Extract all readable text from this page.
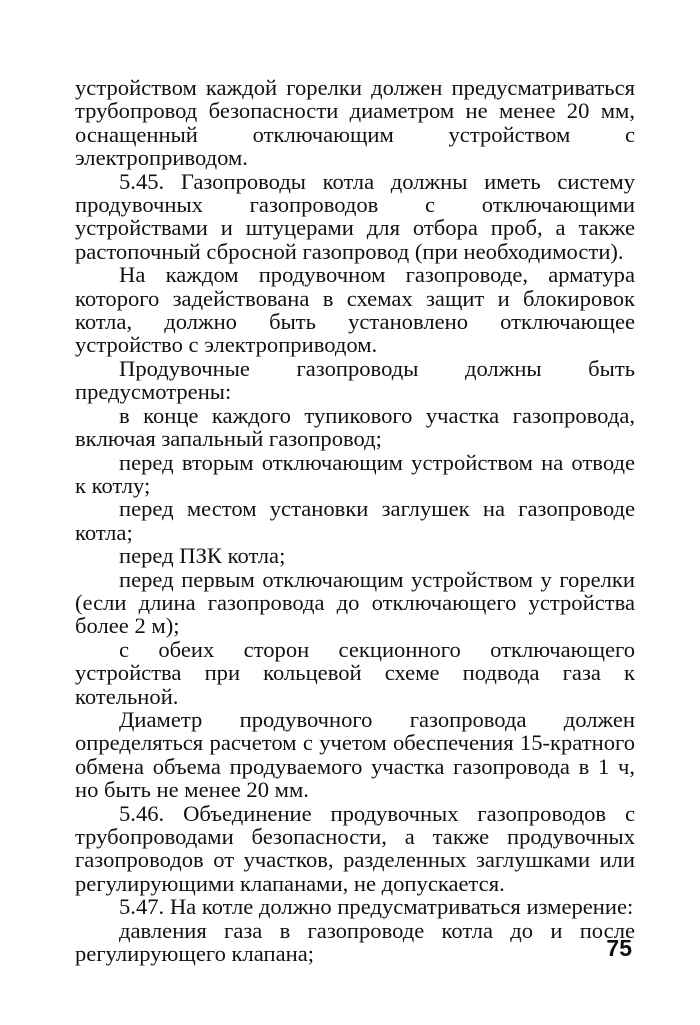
устройством каждой горелки должен предусматриваться трубопровод безопасности диаметром не менее 20 мм, оснащенный отключающим устройством с электроприводом.

5.45. Газопроводы котла должны иметь систему продувочных газопроводов с отключающими устройствами и штуцерами для отбора проб, а также растопочный сбросной газопровод (при необходимости).

На каждом продувочном газопроводе, арматура которого задействована в схемах защит и блокировок котла, должно быть установлено отключающее устройство с электроприводом.

Продувочные газопроводы должны быть предусмотрены:

в конце каждого тупикового участка газопровода, включая запальный газопровод;

перед вторым отключающим устройством на отводе к котлу;

перед местом установки заглушек на газопроводе котла;

перед ПЗК котла;

перед первым отключающим устройством у горелки (если длина газопровода до отключающего устройства более 2 м);

с обеих сторон секционного отключающего устройства при кольцевой схеме подвода газа к котельной.

Диаметр продувочного газопровода должен определяться расчетом с учетом обеспечения 15-кратного обмена объема продуваемого участка газопровода в 1 ч, но быть не менее 20 мм.

5.46. Объединение продувочных газопроводов с трубопроводами безопасности, а также продувочных газопроводов от участков, разделенных заглушками или регулирующими клапанами, не допускается.

5.47. На котле должно предусматриваться измерение:

давления газа в газопроводе котла до и после регулирующего клапана;	75
